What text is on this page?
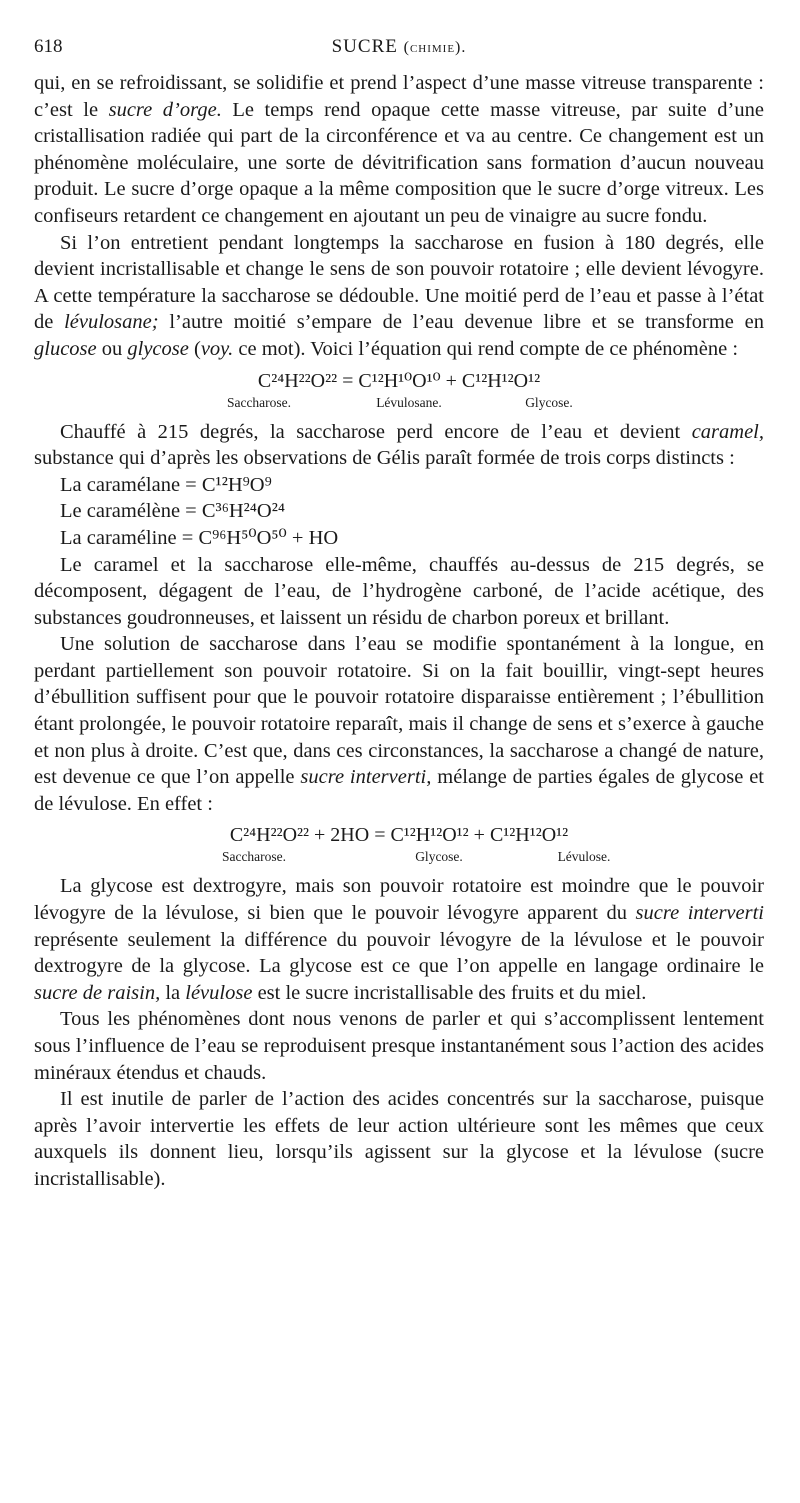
618	SUCRE (chimie).

qui, en se refroidissant, se solidifie et prend l’aspect d’une masse vitreuse transparente : c’est le sucre d’orge. Le temps rend opaque cette masse vitreuse, par suite d’une cristallisation radiée qui part de la circonférence et va au centre. Ce changement est un phénomène moléculaire, une sorte de dévitrification sans formation d’aucun nouveau produit. Le sucre d’orge opaque a la même composition que le sucre d’orge vitreux. Les confiseurs retardent ce changement en ajoutant un peu de vinaigre au sucre fondu.

Si l’on entretient pendant longtemps la saccharose en fusion à 180 degrés, elle devient incristallisable et change le sens de son pouvoir rotatoire ; elle devient lévogyre. A cette température la saccharose se dédouble. Une moitié perd de l’eau et passe à l’état de lévulosane; l’autre moitié s’empare de l’eau devenue libre et se transforme en glucose ou glycose (voy. ce mot). Voici l’équation qui rend compte de ce phénomène :

C²⁴H²²O²² = C¹²H¹⁰O¹⁰ + C¹²H¹²O¹²
Saccharose.	Lévulosane.	Glycose.

Chauffé à 215 degrés, la saccharose perd encore de l’eau et devient caramel, substance qui d’après les observations de Gélis paraît formée de trois corps distincts :

La caramélane = C¹²H⁹O⁹
Le caramélène = C³⁶H²⁴O²⁴
La caraméline = C⁹⁶H⁵⁰O⁵⁰ + HO

Le caramel et la saccharose elle-même, chauffés au-dessus de 215 degrés, se décomposent, dégagent de l’eau, de l’hydrogène carboné, de l’acide acétique, des substances goudronneuses, et laissent un résidu de charbon poreux et brillant.

Une solution de saccharose dans l’eau se modifie spontanément à la longue, en perdant partiellement son pouvoir rotatoire. Si on la fait bouillir, vingt-sept heures d’ébullition suffisent pour que le pouvoir rotatoire disparaisse entièrement ; l’ébullition étant prolongée, le pouvoir rotatoire reparaît, mais il change de sens et s’exerce à gauche et non plus à droite. C’est que, dans ces circonstances, la saccharose a changé de nature, est devenue ce que l’on appelle sucre interverti, mélange de parties égales de glycose et de lévulose. En effet :

C²⁴H²²O²² + 2HO = C¹²H¹²O¹² + C¹²H¹²O¹²
Saccharose.	Glycose.	Lévulose.

La glycose est dextrogyre, mais son pouvoir rotatoire est moindre que le pouvoir lévogyre de la lévulose, si bien que le pouvoir lévogyre apparent du sucre interverti représente seulement la différence du pouvoir lévogyre de la lévulose et le pouvoir dextrogyre de la glycose. La glycose est ce que l’on appelle en langage ordinaire le sucre de raisin, la lévulose est le sucre incristallisable des fruits et du miel.

Tous les phénomènes dont nous venons de parler et qui s’accomplissent lentement sous l’influence de l’eau se reproduisent presque instantanément sous l’action des acides minéraux étendus et chauds.

Il est inutile de parler de l’action des acides concentrés sur la saccharose, puisque après l’avoir intervertie les effets de leur action ultérieure sont les mêmes que ceux auxquels ils donnent lieu, lorsqu’ils agissent sur la glycose et la lévulose (sucre incristallisable).
